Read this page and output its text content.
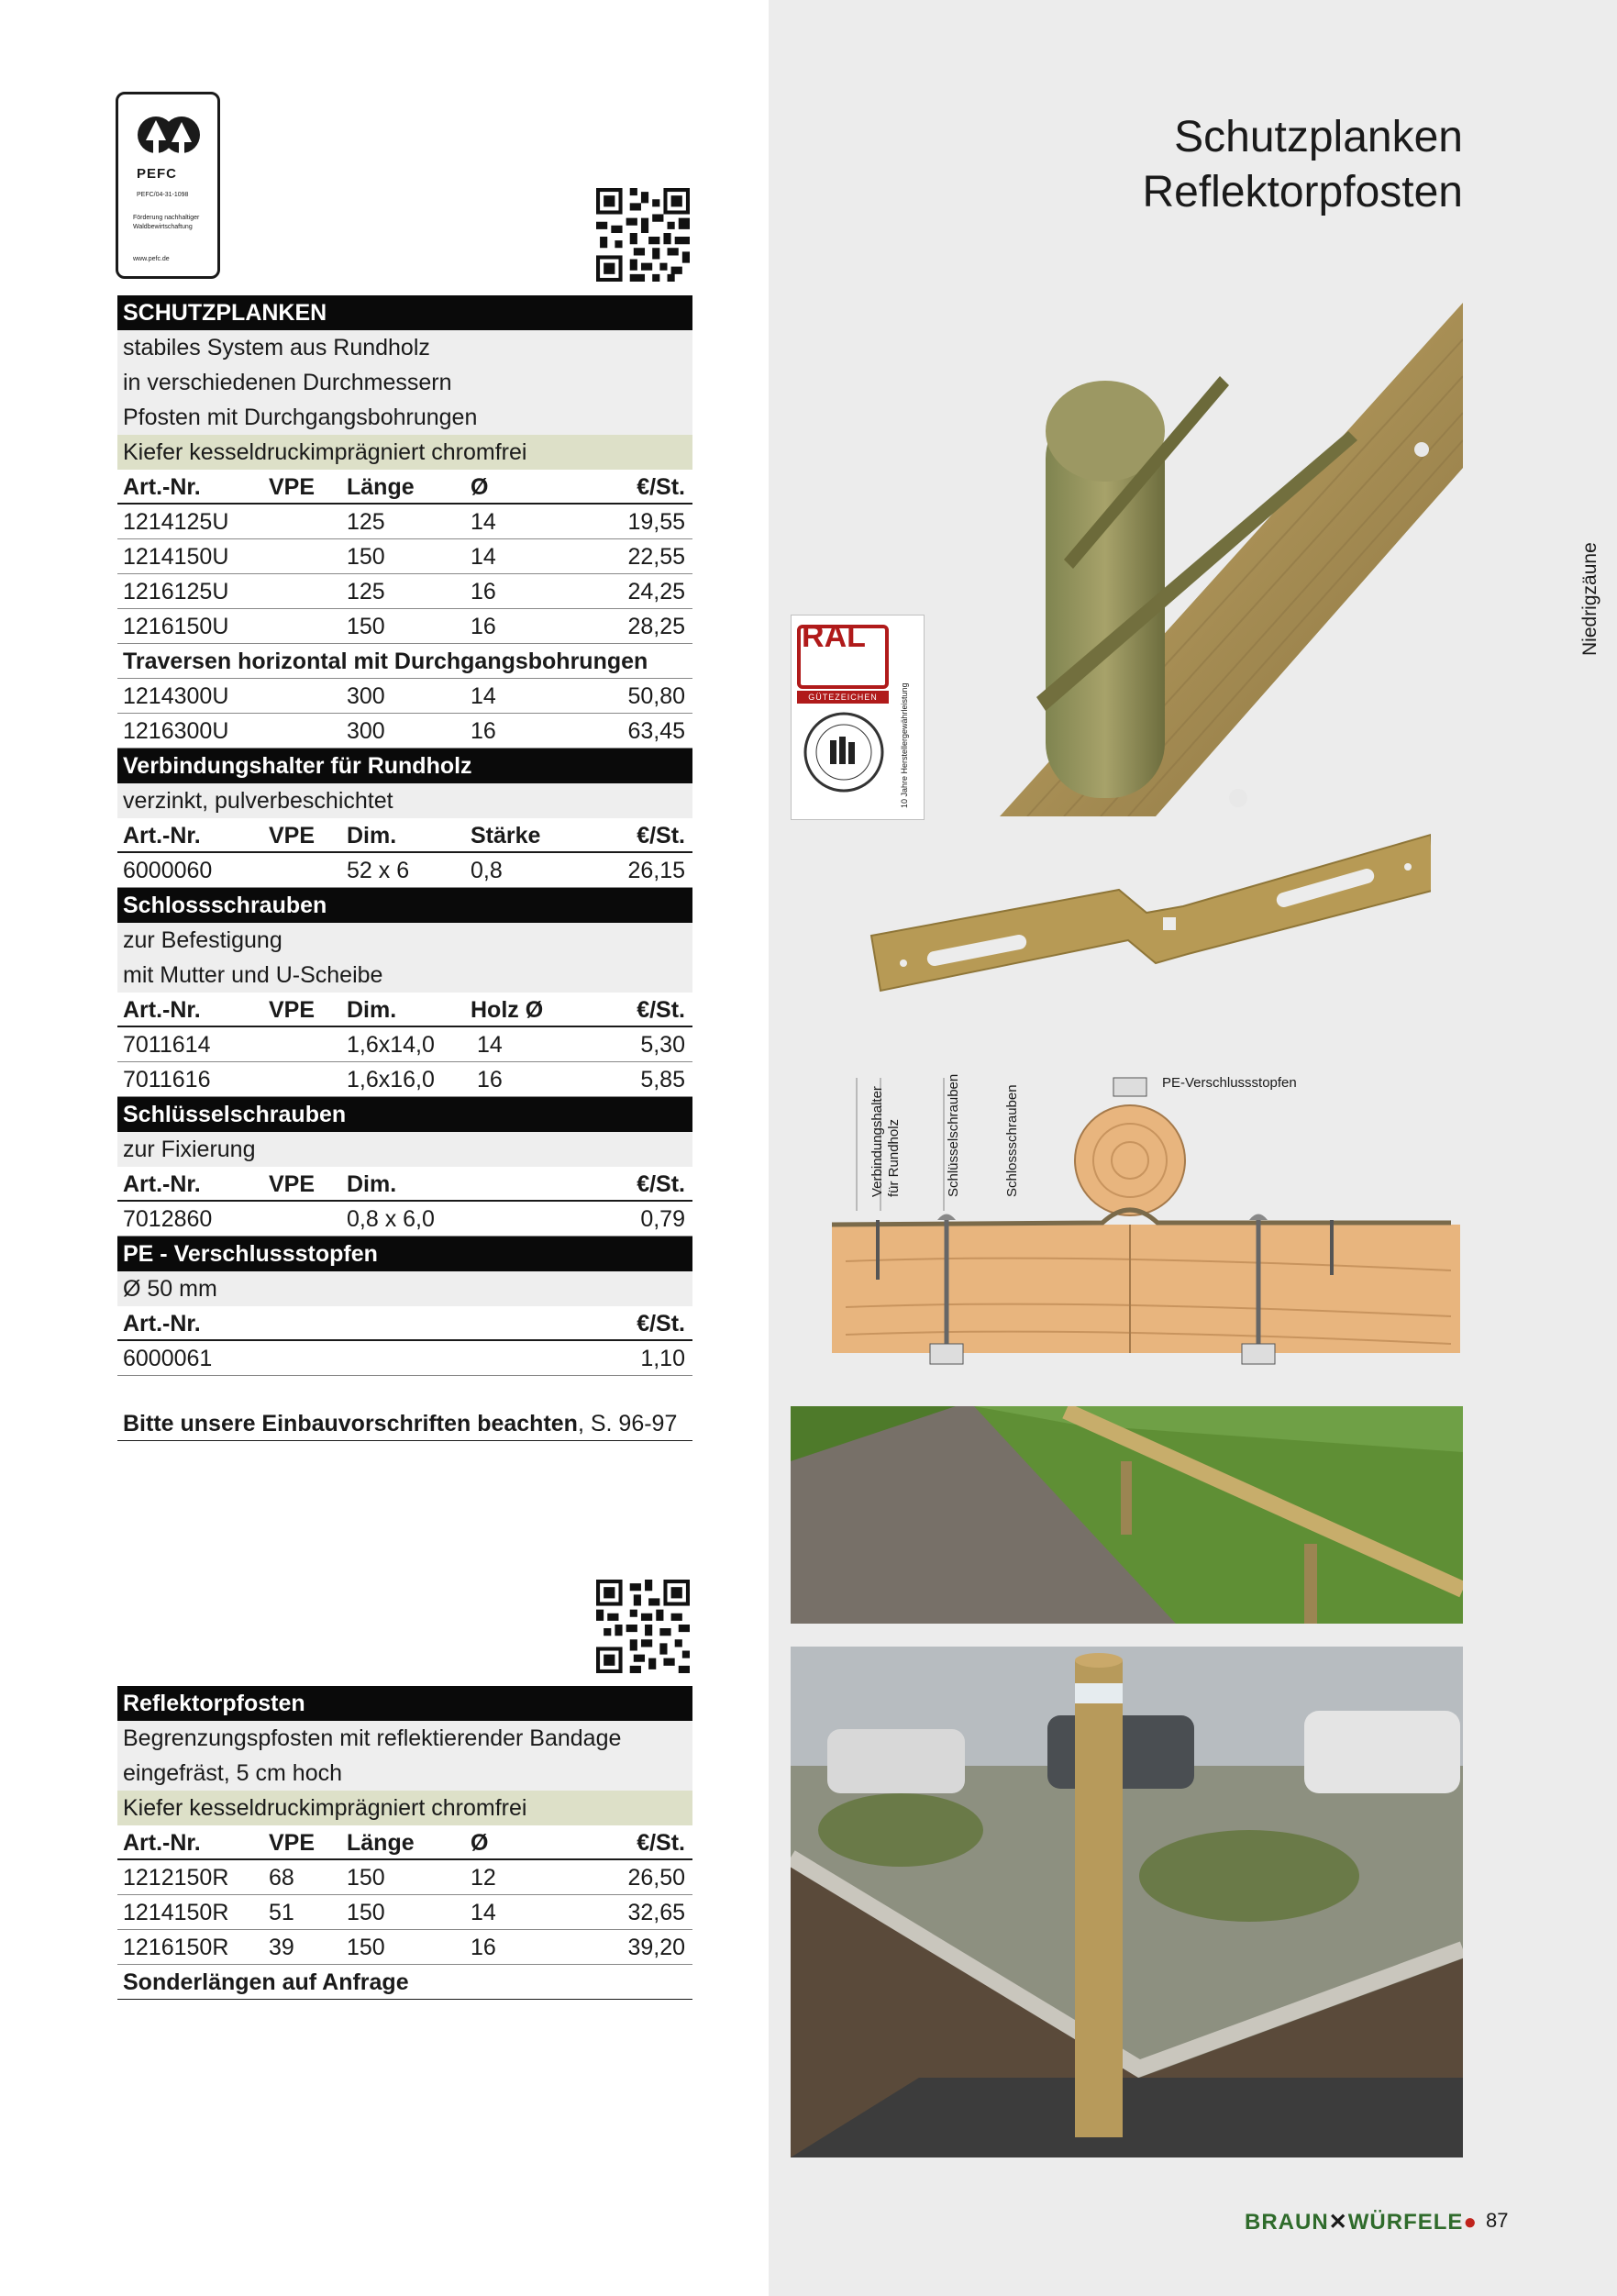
Schutzplanken
Reflektorpfosten
Niedrigzäune
PEFC
PEFC/04-31-1098
Förderung nachhaltiger Waldbewirtschaftung
www.pefc.de
SCHUTZPLANKEN
stabiles System aus Rundholz
in verschiedenen Durchmessern
Pfosten mit Durchgangsbohrungen
Kiefer kesseldruckimprägniert chromfrei
Art.-Nr.	VPE Länge Ø	€/St.
1214125U	125	14	19,55
1214150U	150	14	22,55
1216125U	125	16	24,25
1216150U	150	16	28,25
Traversen horizontal mit Durchgangsbohrungen
1214300U	300	14	50,80
1216300U	300	16	63,45
Verbindungshalter für Rundholz
verzinkt, pulverbeschichtet
Art.-Nr.	VPE Dim.	Stärke	€/St.
6000060	52 x 6	0,8	26,15
Schlossschrauben
zur Befestigung
mit Mutter und U-Scheibe
Art.-Nr.	VPE Dim.	Holz Ø	€/St.
7011614	1,6x14,0 14	5,30
7011616	1,6x16,0 16	5,85
Schlüsselschrauben
zur Fixierung
Art.-Nr.	VPE Dim.	€/St.
7012860	0,8 x 6,0	0,79
PE - Verschlussstopfen
Ø 50 mm
Art.-Nr.	€/St.
6000061	1,10
Bitte unsere Einbauvorschriften beachten, S. 96-97
Reflektorpfosten
Begrenzungspfosten mit reflektierender Bandage
eingefräst, 5 cm hoch
Kiefer kesseldruckimprägniert chromfrei
Art.-Nr.	VPE Länge Ø	€/St.
1212150R 68 150	12	26,50
1214150R 51 150	14	32,65
1216150R 39 150	16	39,20
Sonderlängen auf Anfrage
RAL
GÜTEZEICHEN	10 Jahre Herstellergewährleistung
Verbindungshalter für Rundholz	Schlüsselschrauben	Schlossschrauben
PE-Verschlussstopfen
BRAUN✕WÜRFELE● 87
